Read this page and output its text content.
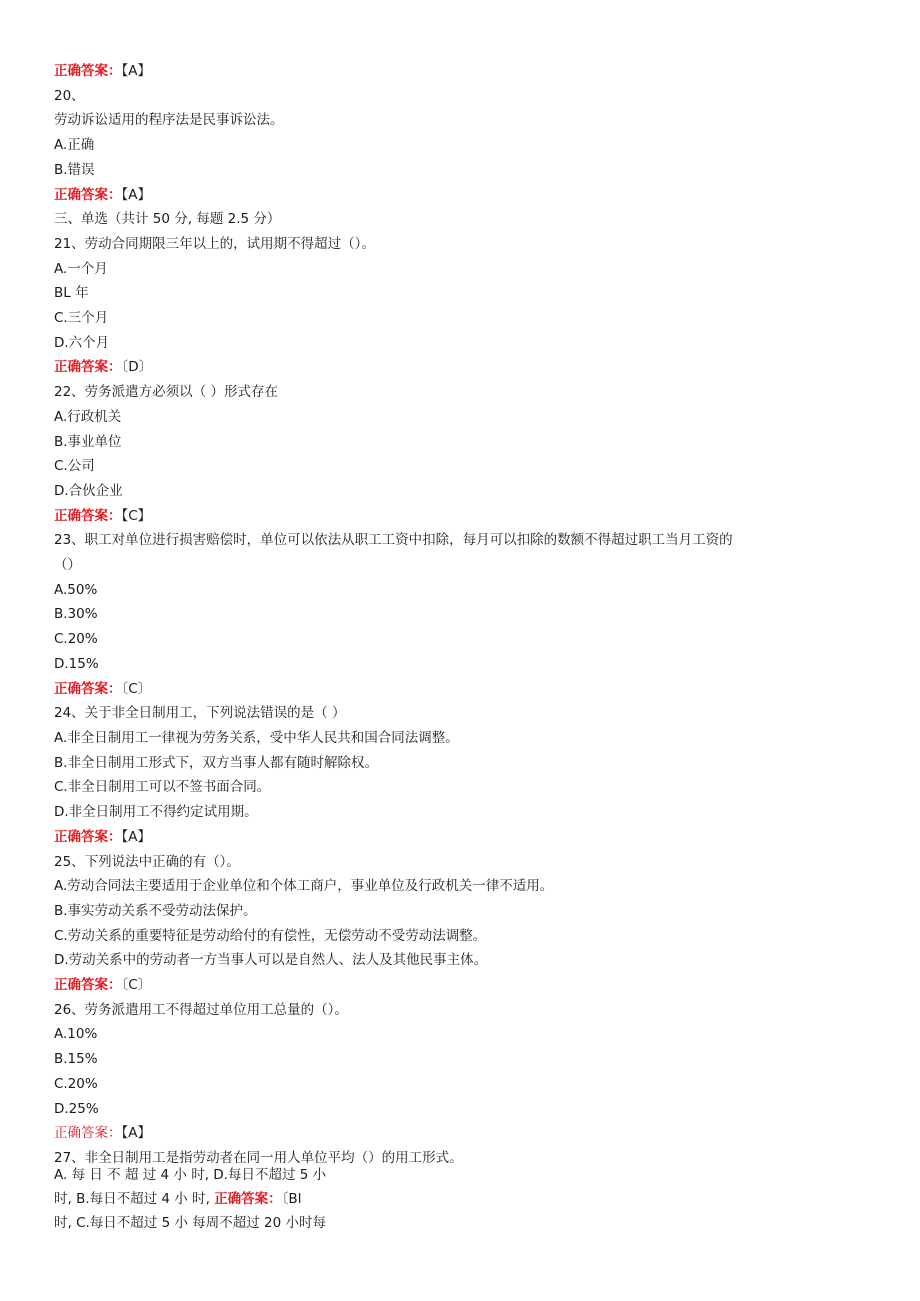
正确答案：【A】
20、
劳动诉讼适用的程序法是民事诉讼法。
A.正确
B.错误
正确答案：【A】
三、单选（共计 50 分, 每题 2.5 分）
21、劳动合同期限三年以上的，试用期不得超过（）。
A.一个月
BL 年
C.三个月
D.六个月
正确答案：〔D〕
22、劳务派遣方必须以（ ）形式存在
A.行政机关
B.事业单位
C.公司
D.合伙企业
正确答案：【C】
23、职工对单位进行损害赔偿时，单位可以依法从职工工资中扣除，每月可以扣除的数额不得超过职工当月工资的
（）
A.50%
B.30%
C.20%
D.15%
正确答案：〔C〕
24、关于非全日制用工，下列说法错误的是（ ）
A.非全日制用工一律视为劳务关系，受中华人民共和国合同法调整。
B.非全日制用工形式下，双方当事人都有随时解除权。
C.非全日制用工可以不签书面合同。
D.非全日制用工不得约定试用期。
正确答案：【A】
25、下列说法中正确的有（）。
A.劳动合同法主要适用于企业单位和个体工商户，事业单位及行政机关一律不适用。
B.事实劳动关系不受劳动法保护。
C.劳动关系的重要特征是劳动给付的有偿性，无偿劳动不受劳动法调整。
D.劳动关系中的劳动者一方当事人可以是自然人、法人及其他民事主体。
正确答案：〔C〕
26、劳务派遣用工不得超过单位用工总量的（）。
A.10%
B.15%
C.20%
D.25%
正确答案：【A】
27、非全日制用工是指劳动者在同一用人单位平均（）的用工形式。
A. 每 日 不 超 过 4 小 时, D.每日不超过 5 小
时, B.每日不超过 4 小 时, 正确答案：〔Bl
时, C.每日不超过 5 小 每周不超过 20 小时每
